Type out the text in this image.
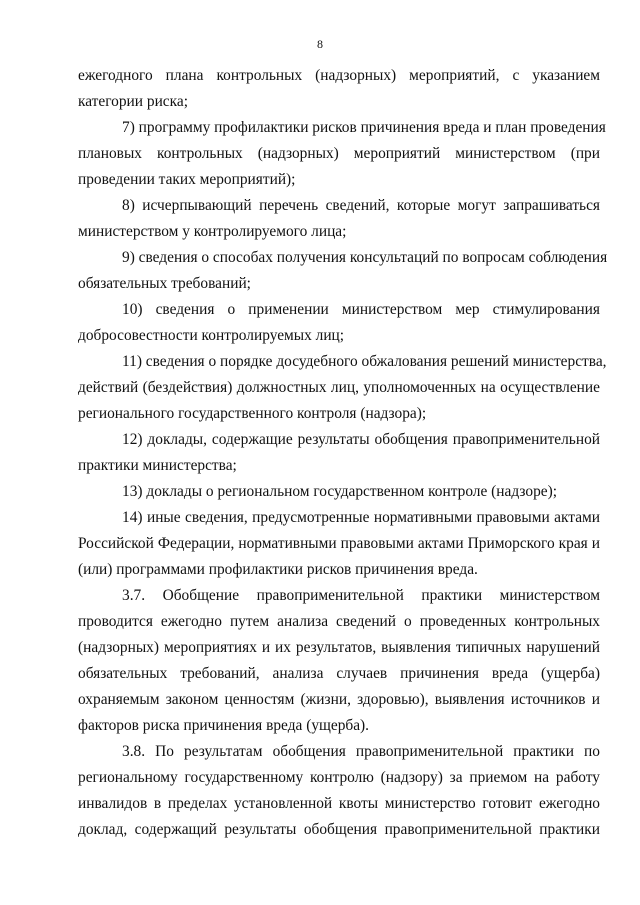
8
ежегодного плана контрольных (надзорных) мероприятий, с указанием
категории риска;
7) программу профилактики рисков причинения вреда и план проведения
плановых контрольных (надзорных) мероприятий министерством (при
проведении таких мероприятий);
8) исчерпывающий перечень сведений, которые могут запрашиваться
министерством у контролируемого лица;
9) сведения о способах получения консультаций по вопросам соблюдения
обязательных требований;
10) сведения о применении министерством мер стимулирования
добросовестности контролируемых лиц;
11) сведения о порядке досудебного обжалования решений министерства,
действий (бездействия) должностных лиц, уполномоченных на осуществление
регионального государственного контроля (надзора);
12) доклады, содержащие результаты обобщения правоприменительной
практики министерства;
13) доклады о региональном государственном контроле (надзоре);
14) иные сведения, предусмотренные нормативными правовыми актами
Российской Федерации, нормативными правовыми актами Приморского края и
(или) программами профилактики рисков причинения вреда.
3.7. Обобщение правоприменительной практики министерством
проводится ежегодно путем анализа сведений о проведенных контрольных
(надзорных) мероприятиях и их результатов, выявления типичных нарушений
обязательных требований, анализа случаев причинения вреда (ущерба)
охраняемым законом ценностям (жизни, здоровью), выявления источников и
факторов риска причинения вреда (ущерба).
3.8. По результатам обобщения правоприменительной практики по
региональному государственному контролю (надзору) за приемом на работу
инвалидов в пределах установленной квоты министерство готовит ежегодно
доклад, содержащий результаты обобщения правоприменительной практики
